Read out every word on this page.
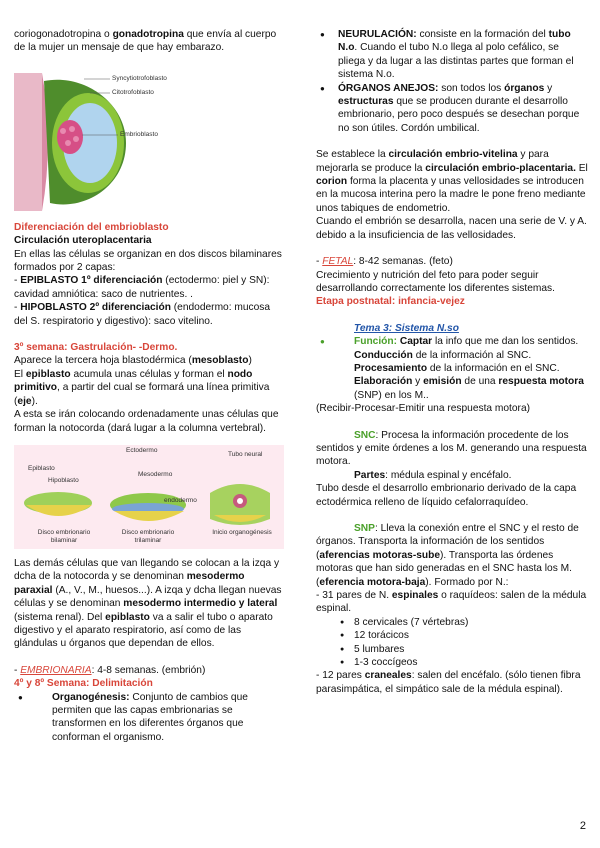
coriogonadotropina o gonadotropina que envía al cuerpo de la mujer un mensaje de que hay embarazo.

Syncytiotrofoblasto
Citotrofoblasto
Embrioblasto

Diferenciación del embrioblasto

Circulación uteroplacentaria

En ellas las células se organizan en dos discos bilaminares formados por 2 capas:

- EPIBLASTO 1º diferenciación (ectodermo: piel y SN): cavidad amniótica: saco de nutrientes. .

- HIPOBLASTO 2º diferenciación (endodermo: mucosa del S. respiratorio y digestivo): saco vitelino.

3º semana: Gastrulación- -Dermo.

Aparece la tercera hoja blastodérmica (mesoblasto)

El epiblasto acumula unas células y forman el nodo primitivo, a partir del cual se formará una línea primitiva (eje).

A esta se irán colocando ordenadamente unas células que forman la notocorda (dará lugar a la columna vertebral).

Epiblasto
Hipoblasto
Ectodermo
Mesodermo
endodermo
Tubo neural
Disco embrionario bilaminar
Disco embrionario trilaminar
Inicio organogénesis

Las demás células que van llegando se colocan a la izqa y dcha de la notocorda y se denominan mesodermo paraxial (A., V., M., huesos...). A izqa y dcha llegan nuevas células y se denominan mesodermo intermedio y lateral (sistema renal). Del epiblasto va a salir el tubo o aparato digestivo y el aparato respiratorio, así como de las glándulas u órganos que dependan de ellos.

- EMBRIONARIA: 4-8 semanas. (embrión)

4º y 8º Semana: Delimitación

● Organogénesis: Conjunto de cambios que permiten que las capas embrionarias se transformen en los diferentes órganos que conforman el organismo.

● NEURULACIÓN: consiste en la formación del tubo N.o. Cuando el tubo N.o llega al polo cefálico, se pliega y da lugar a las distintas partes que forman el sistema N.o.

● ÓRGANOS ANEJOS: son todos los órganos y estructuras que se producen durante el desarrollo embrionario, pero poco después se desechan porque no son útiles. Cordón umbilical.

Se establece la circulación embrio-vitelina y para mejorarla se produce la circulación embrio-placentaria. El corion forma la placenta y unas vellosidades se introducen en la mucosa interina pero la madre le pone freno mediante unos tabiques de endometrio.

Cuando el embrión se desarrolla, nacen una serie de V. y A. debido a la insuficiencia de las vellosidades.

- FETAL: 8-42 semanas. (feto)

Crecimiento y nutrición del feto para poder seguir desarrollando correctamente los diferentes sistemas.

Etapa postnatal: infancia-vejez

Tema 3: Sistema N.so

● Función: Captar la info que me dan los sentidos. Conducción de la información al SNC. Procesamiento de la información en el SNC. Elaboración y emisión de una respuesta motora (SNP) en los M..

(Recibir-Procesar-Emitir una respuesta motora)

SNC: Procesa la información procedente de los sentidos y emite órdenes a los M. generando una respuesta motora.

Partes: médula espinal y encéfalo.

Tubo desde el desarrollo embrionario derivado de la capa ectodérmica relleno de líquido cefalorraquídeo.

SNP: Lleva la conexión entre el SNC y el resto de órganos. Transporta la información de los sentidos (aferencias motoras-sube). Transporta las órdenes motoras que han sido generadas en el SNC hasta los M. (eferencia motora-baja). Formado por N.:

- 31 pares de N. espinales o raquídeos: salen de la médula espinal.

● 8 cervicales (7 vértebras)

● 12 torácicos

● 5 lumbares

● 1-3 coccígeos

- 12 pares craneales: salen del encéfalo. (sólo tienen fibra parasimpática, el simpático sale de la médula espinal).

2
